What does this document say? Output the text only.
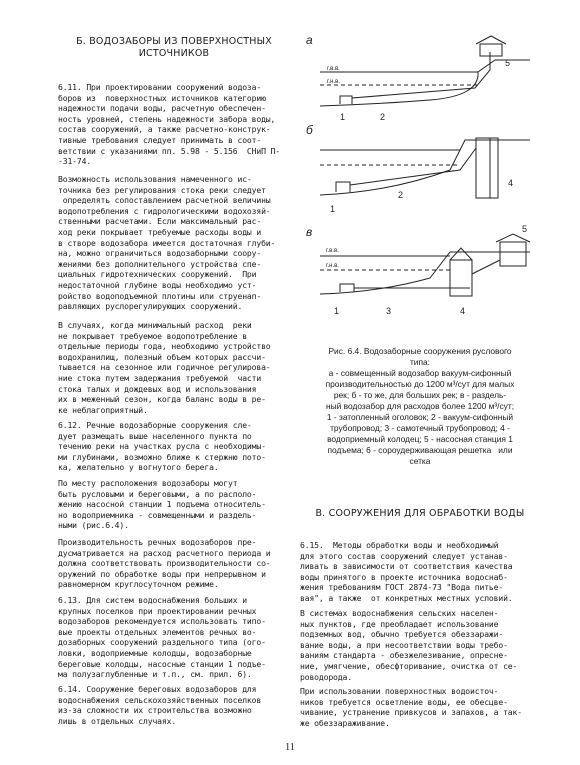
Б. ВОДОЗАБОРЫ ИЗ ПОВЕРХНОСТНЫХ ИСТОЧНИКОВ
6.11. При проектировании сооружений водоза-
боров из  поверхностных источников категорию
надежности подачи воды, расчетную обеспечен-
ность уровней, степень надежности забора воды,
состав сооружений, а также расчетно-конструк-
тивные требования следует принимать в соот-
ветствии с указаниями пп. 5.98 - 5.156  СНиП П-
-31-74.
Возможность использования намеченного ис-
точника без регулирования стока реки следует
определять сопоставлением расчетной величины
водопотребления с гидрологическими водохозяй-
ственными расчетами. Если максимальный рас-
ход реки покрывает требуемые расходы воды и
в створе водозабора имеется достаточная глуби-
на, можно ограничиться водозаборными соору-
жениями без дополнительного устройства спе-
циальных гидротехнических сооружений.  При
недостаточной глубине воды необходимо уст-
ройство водоподъемной плотины или струенап-
равляющих руслорегулирующих сооружений.
В случаях, когда минимальный расход  реки
не покрывает требуемое водопотребление в
отдельные периоды года, необходимо устройство
водохранилищ, полезный объем которых рассчи-
тывается на сезонное или годичное регулирова-
ние стока путем задержания требуемой  части
стока талых и дождевых вод и использования
их в меженный сезон, когда баланс воды в ре-
ке неблагоприятный.
6.12. Речные водозаборные сооружения сле-
дует размещать выше населенного пункта по
течению реки на участках русла с необходимы-
ми глубинами, возможно ближе к стержню пото-
ка, желательно у вогнутого берега.
По месту расположения водозаборы могут
быть русловыми и береговыми, а по располо-
жению насосной станции 1 подъема относитель-
но водоприемника - совмещенными и раздель-
ными (рис.6.4).
Производительность речных водозаборов пре-
дусматривается на расход расчетного периода и
должна соответствовать производительности со-
оружений по обработке воды при непрерывном и
равномерном круглосуточном режиме.
6.13. Для систем водоснабжения больших и
крупных поселков при проектировании речных
водозаборов рекомендуется использовать типо-
вые проекты отдельных элементов речных во-
дозаборных сооружений раздельного типа (ого-
ловки, водоприемные колодцы, водозаборные
береговые колодцы, насосные станции 1 подъе-
ма полузаглубленные и т.п., см. прил. 6).
6.14. Сооружение береговых водозаборов для
водоснабжения сельскохозяйственных поселков
из-за сложности их строительства возможно
лишь в отдельных случаях.
а
г.в.в.
г.н.в.
1	2
5
б
1
2
4
в
г.в.в.
г.н.в.
1	3	4
5
Рис. 6.4. Водозаборные сооружения руслового
типа:
а - совмещенный водозабор вакуум-сифонный
производительностью до 1200 м³/сут для малых
рек; б - то же, для больших рек; в - раздель-
ный водозабор для расходов более 1200 м³/сут;
1 - затопленный оголовок; 2 - вакуум-сифонный
трубопровод; 3 - самотечный трубопровод; 4 -
водоприемный колодец; 5 - насосная станция 1
подъема; 6 - сороудерживающая решетка   или
сетка
В. СООРУЖЕНИЯ ДЛЯ ОБРАБОТКИ ВОДЫ
6.15.  Методы обработки воды и необходимый
для этого состав сооружений следует устанав-
ливать в зависимости от соответствия качества
воды принятого в проекте источника водоснаб-
жения требованиям ГОСТ 2874-73 "Вода питье-
вая", а также  от конкретных местных условий.
В системах водоснабжения сельских населен-
ных пунктов, где преобладает использование
подземных вод, обычно требуется обеззаражи-
вание воды, а при несоответствии воды требо-
ваниям стандарта - обезжелезивание, опресне-
ние, умягчение, обесфторивание, очистка от се-
роводорода.
При использовании поверхностных водоисточ-
ников требуется осветление воды, ее обесцве-
чивание, устранение привкусов и запахов, а так-
же обеззараживание.
11
